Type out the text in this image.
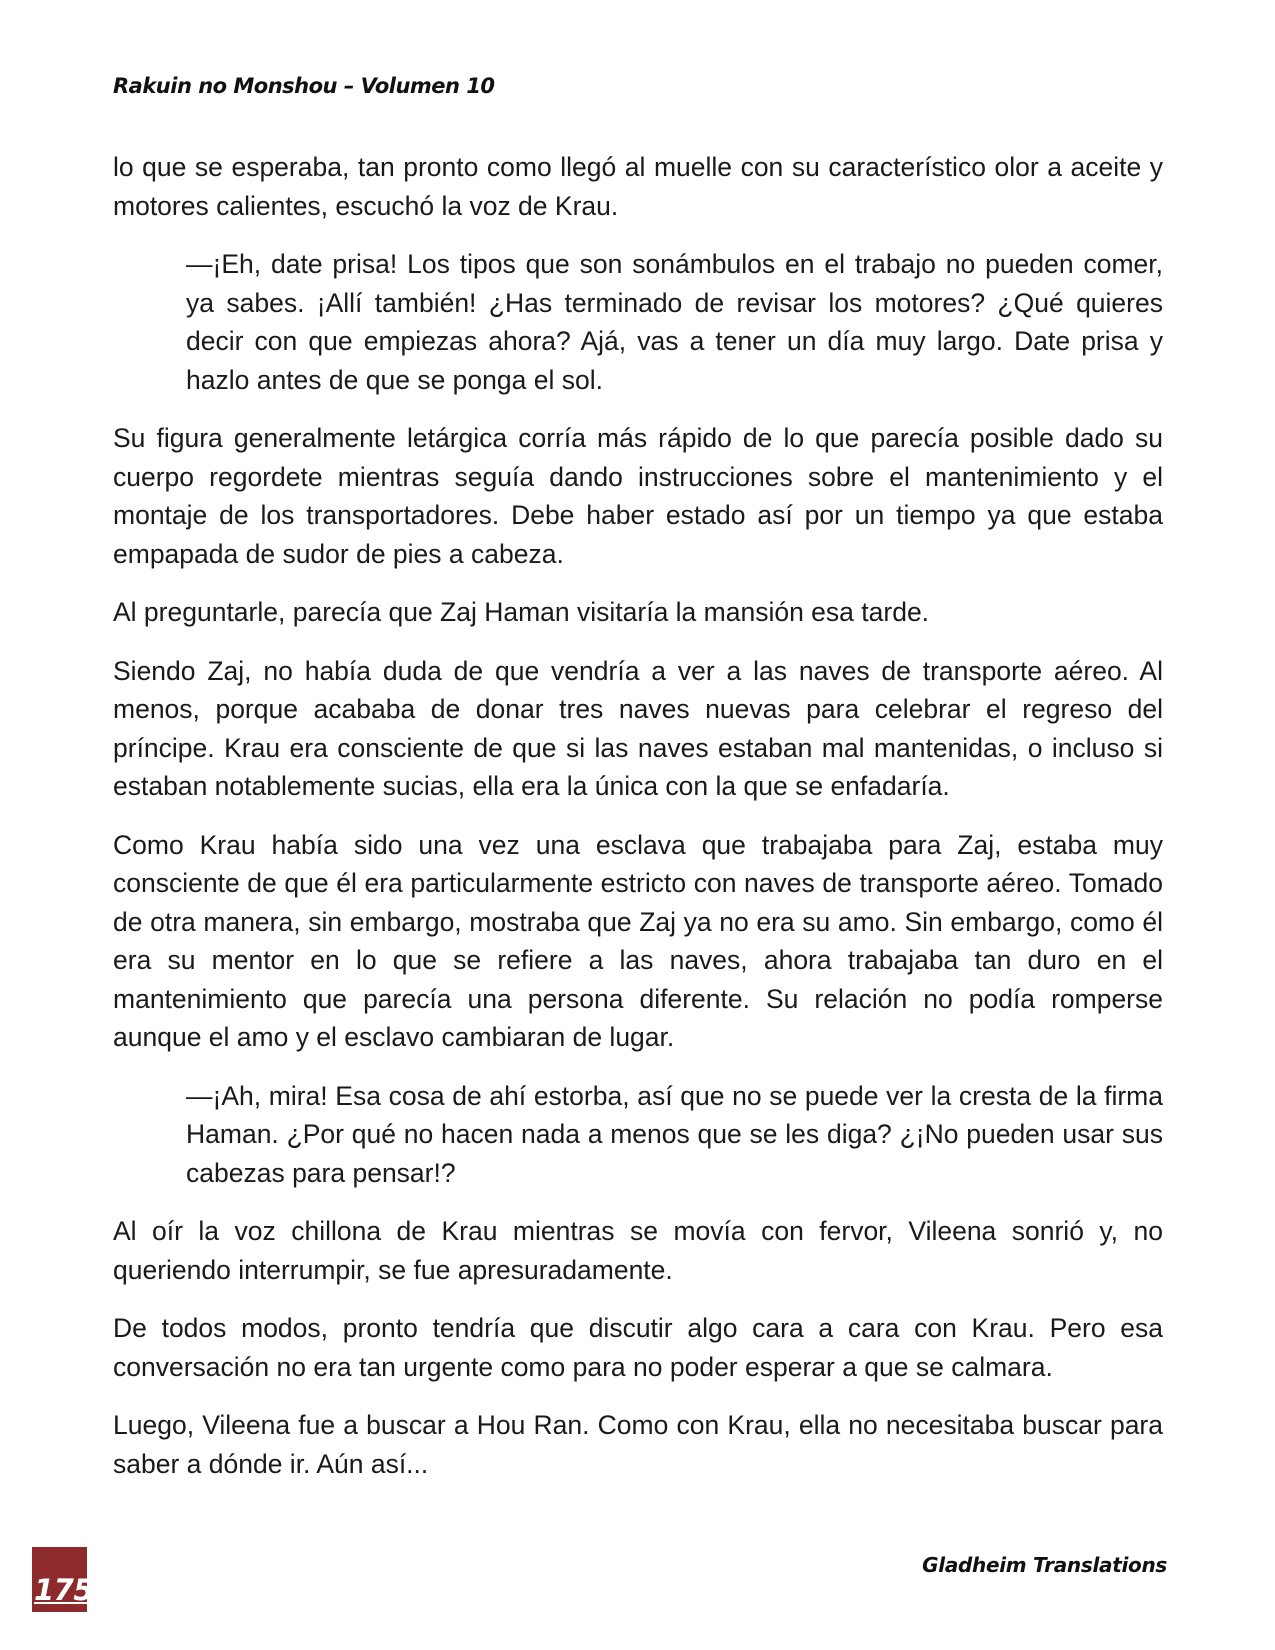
Rakuin no Monshou – Volumen 10

lo que se esperaba, tan pronto como llegó al muelle con su característico olor a aceite y motores calientes, escuchó la voz de Krau.

—¡Eh, date prisa! Los tipos que son sonámbulos en el trabajo no pueden comer, ya sabes. ¡Allí también! ¿Has terminado de revisar los motores? ¿Qué quieres decir con que empiezas ahora? Ajá, vas a tener un día muy largo. Date prisa y hazlo antes de que se ponga el sol.

Su figura generalmente letárgica corría más rápido de lo que parecía posible dado su cuerpo regordete mientras seguía dando instrucciones sobre el mantenimiento y el montaje de los transportadores. Debe haber estado así por un tiempo ya que estaba empapada de sudor de pies a cabeza.

Al preguntarle, parecía que Zaj Haman visitaría la mansión esa tarde.

Siendo Zaj, no había duda de que vendría a ver a las naves de transporte aéreo. Al menos, porque acababa de donar tres naves nuevas para celebrar el regreso del príncipe. Krau era consciente de que si las naves estaban mal mantenidas, o incluso si estaban notablemente sucias, ella era la única con la que se enfadaría.

Como Krau había sido una vez una esclava que trabajaba para Zaj, estaba muy consciente de que él era particularmente estricto con naves de transporte aéreo. Tomado de otra manera, sin embargo, mostraba que Zaj ya no era su amo. Sin embargo, como él era su mentor en lo que se refiere a las naves, ahora trabajaba tan duro en el mantenimiento que parecía una persona diferente. Su relación no podía romperse aunque el amo y el esclavo cambiaran de lugar.

—¡Ah, mira! Esa cosa de ahí estorba, así que no se puede ver la cresta de la firma Haman. ¿Por qué no hacen nada a menos que se les diga? ¿¡No pueden usar sus cabezas para pensar!?

Al oír la voz chillona de Krau mientras se movía con fervor, Vileena sonrió y, no queriendo interrumpir, se fue apresuradamente.

De todos modos, pronto tendría que discutir algo cara a cara con Krau. Pero esa conversación no era tan urgente como para no poder esperar a que se calmara.

Luego, Vileena fue a buscar a Hou Ran. Como con Krau, ella no necesitaba buscar para saber a dónde ir. Aún así...

175
Gladheim Translations
